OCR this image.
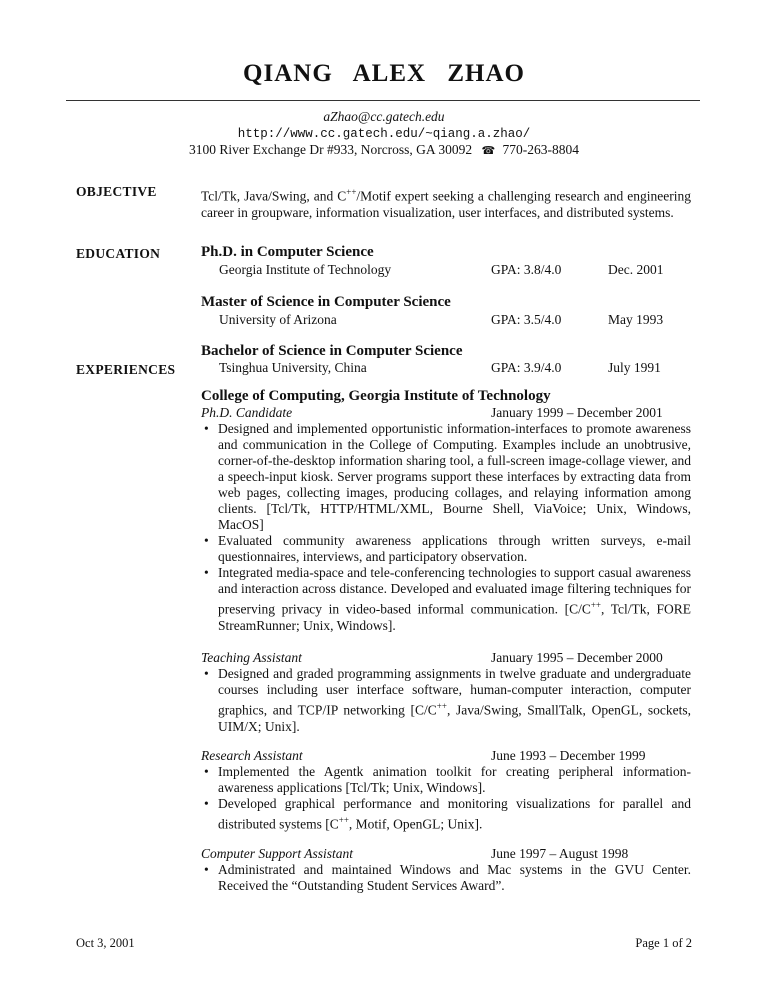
QIANG ALEX ZHAO
aZhao@cc.gatech.edu
http://www.cc.gatech.edu/~qiang.a.zhao/
3100 River Exchange Dr #933, Norcross, GA 30092 ☎ 770-263-8804
OBJECTIVE	Tcl/Tk, Java/Swing, and C++/Motif expert seeking a challenging research and engineering career in groupware, information visualization, user interfaces, and distributed systems.
EDUCATION	Ph.D. in Computer Science
Georgia Institute of Technology	GPA: 3.8/4.0	Dec. 2001
Master of Science in Computer Science
University of Arizona	GPA: 3.5/4.0	May 1993
Bachelor of Science in Computer Science
Tsinghua University, China	GPA: 3.9/4.0	July 1991
EXPERIENCES
College of Computing, Georgia Institute of Technology
Ph.D. Candidate	January 1999 – December 2001
• Designed and implemented opportunistic information-interfaces to promote awareness and communication in the College of Computing. Examples include an unobtrusive, corner-of-the-desktop information sharing tool, a full-screen image-collage viewer, and a speech-input kiosk. Server programs support these interfaces by extracting data from web pages, collecting images, producing collages, and relaying information among clients. [Tcl/Tk, HTTP/HTML/XML, Bourne Shell, ViaVoice; Unix, Windows, MacOS]
• Evaluated community awareness applications through written surveys, e-mail questionnaires, interviews, and participatory observation.
• Integrated media-space and tele-conferencing technologies to support casual awareness and interaction across distance. Developed and evaluated image filtering techniques for preserving privacy in video-based informal communication. [C/C++, Tcl/Tk, FORE StreamRunner; Unix, Windows].
Teaching Assistant	January 1995 – December 2000
• Designed and graded programming assignments in twelve graduate and undergraduate courses including user interface software, human-computer interaction, computer graphics, and TCP/IP networking [C/C++, Java/Swing, SmallTalk, OpenGL, sockets, UIM/X; Unix].
Research Assistant	June 1993 – December 1999
• Implemented the Agentk animation toolkit for creating peripheral information-awareness applications [Tcl/Tk; Unix, Windows].
• Developed graphical performance and monitoring visualizations for parallel and distributed systems [C++, Motif, OpenGL; Unix].
Computer Support Assistant	June 1997 – August 1998
• Administrated and maintained Windows and Mac systems in the GVU Center. Received the “Outstanding Student Services Award”.
Oct 3, 2001	Page 1 of 2
